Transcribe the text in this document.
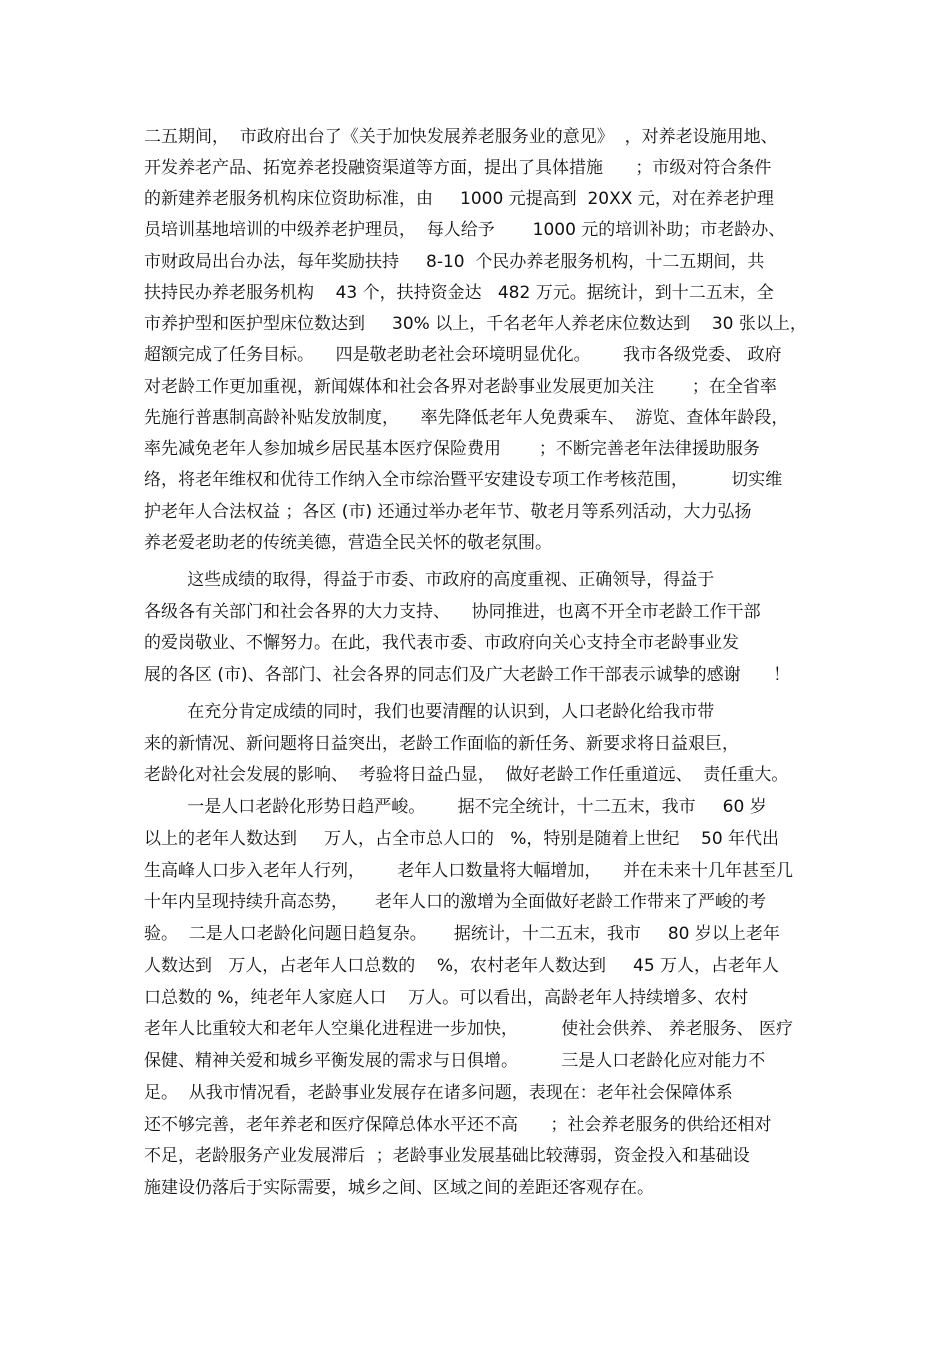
二五期间，  市政府出台了《关于加快发展养老服务业的意见》  ，对养老设施用地、
开发养老产品、拓宽养老投融资渠道等方面，提出了具体措施      ；市级对符合条件
的新建养老服务机构床位资助标准，由     1000 元提高到  20XX 元，对在养老护理
员培训基地培训的中级养老护理员，  每人给予       1000 元的培训补助；市老龄办、
市财政局出台办法，每年奖励扶持     8-10  个民办养老服务机构，十二五期间，共
扶持民办养老服务机构    43 个，扶持资金达   482 万元。据统计，到十二五末，全
市养护型和医护型床位数达到     30% 以上，千名老年人养老床位数达到    30 张以上，
超额完成了任务目标。    四是敬老助老社会环境明显优化。      我市各级党委、 政府
对老龄工作更加重视，新闻媒体和社会各界对老龄事业发展更加关注       ；在全省率
先施行普惠制高龄补贴发放制度，    率先降低老年人免费乘车、  游览、查体年龄段，
率先减免老年人参加城乡居民基本医疗保险费用       ；不断完善老年法律援助服务
络，将老年维权和优待工作纳入全市综治暨平安建设专项工作考核范围，        切实维
护老年人合法权益 ；各区 (市) 还通过举办老年节、敬老月等系列活动，大力弘扬
养老爱老助老的传统美德，营造全民关怀的敬老氛围。
这些成绩的取得，得益于市委、市政府的高度重视、正确领导，得益于
各级各有关部门和社会各界的大力支持、    协同推进，也离不开全市老龄工作干部
的爱岗敬业、不懈努力。在此，我代表市委、市政府向关心支持全市老龄事业发
展的各区 (市)、各部门、社会各界的同志们及广大老龄工作干部表示诚挚的感谢      ！
在充分肯定成绩的同时，我们也要清醒的认识到，人口老龄化给我市带
来的新情况、新问题将日益突出，老龄工作面临的新任务、新要求将日益艰巨，
老龄化对社会发展的影响、  考验将日益凸显，  做好老龄工作任重道远、  责任重大。
一是人口老龄化形势日趋严峻。      据不完全统计，十二五末，我市     60 岁
以上的老年人数达到     万人，占全市总人口的   %，特别是随着上世纪    50 年代出
生高峰人口步入老年人行列，      老年人口数量将大幅增加，    并在未来十几年甚至几
十年内呈现持续升高态势，     老年人口的激增为全面做好老龄工作带来了严峻的考
验。  二是人口老龄化问题日趋复杂。     据统计，十二五末，我市     80 岁以上老年
人数达到   万人，占老年人口总数的    %，农村老年人数达到     45 万人，占老年人
口总数的 %，纯老年人家庭人口    万人。可以看出，高龄老年人持续增多、农村
老年人比重较大和老年人空巢化进程进一步加快，        使社会供养、 养老服务、 医疗
保健、精神关爱和城乡平衡发展的需求与日俱增。        三是人口老龄化应对能力不
足。  从我市情况看，老龄事业发展存在诸多问题，表现在：老年社会保障体系
还不够完善，老年养老和医疗保障总体水平还不高      ；社会养老服务的供给还相对
不足，老龄服务产业发展滞后  ；老龄事业发展基础比较薄弱，资金投入和基础设
施建设仍落后于实际需要，城乡之间、区域之间的差距还客观存在。
